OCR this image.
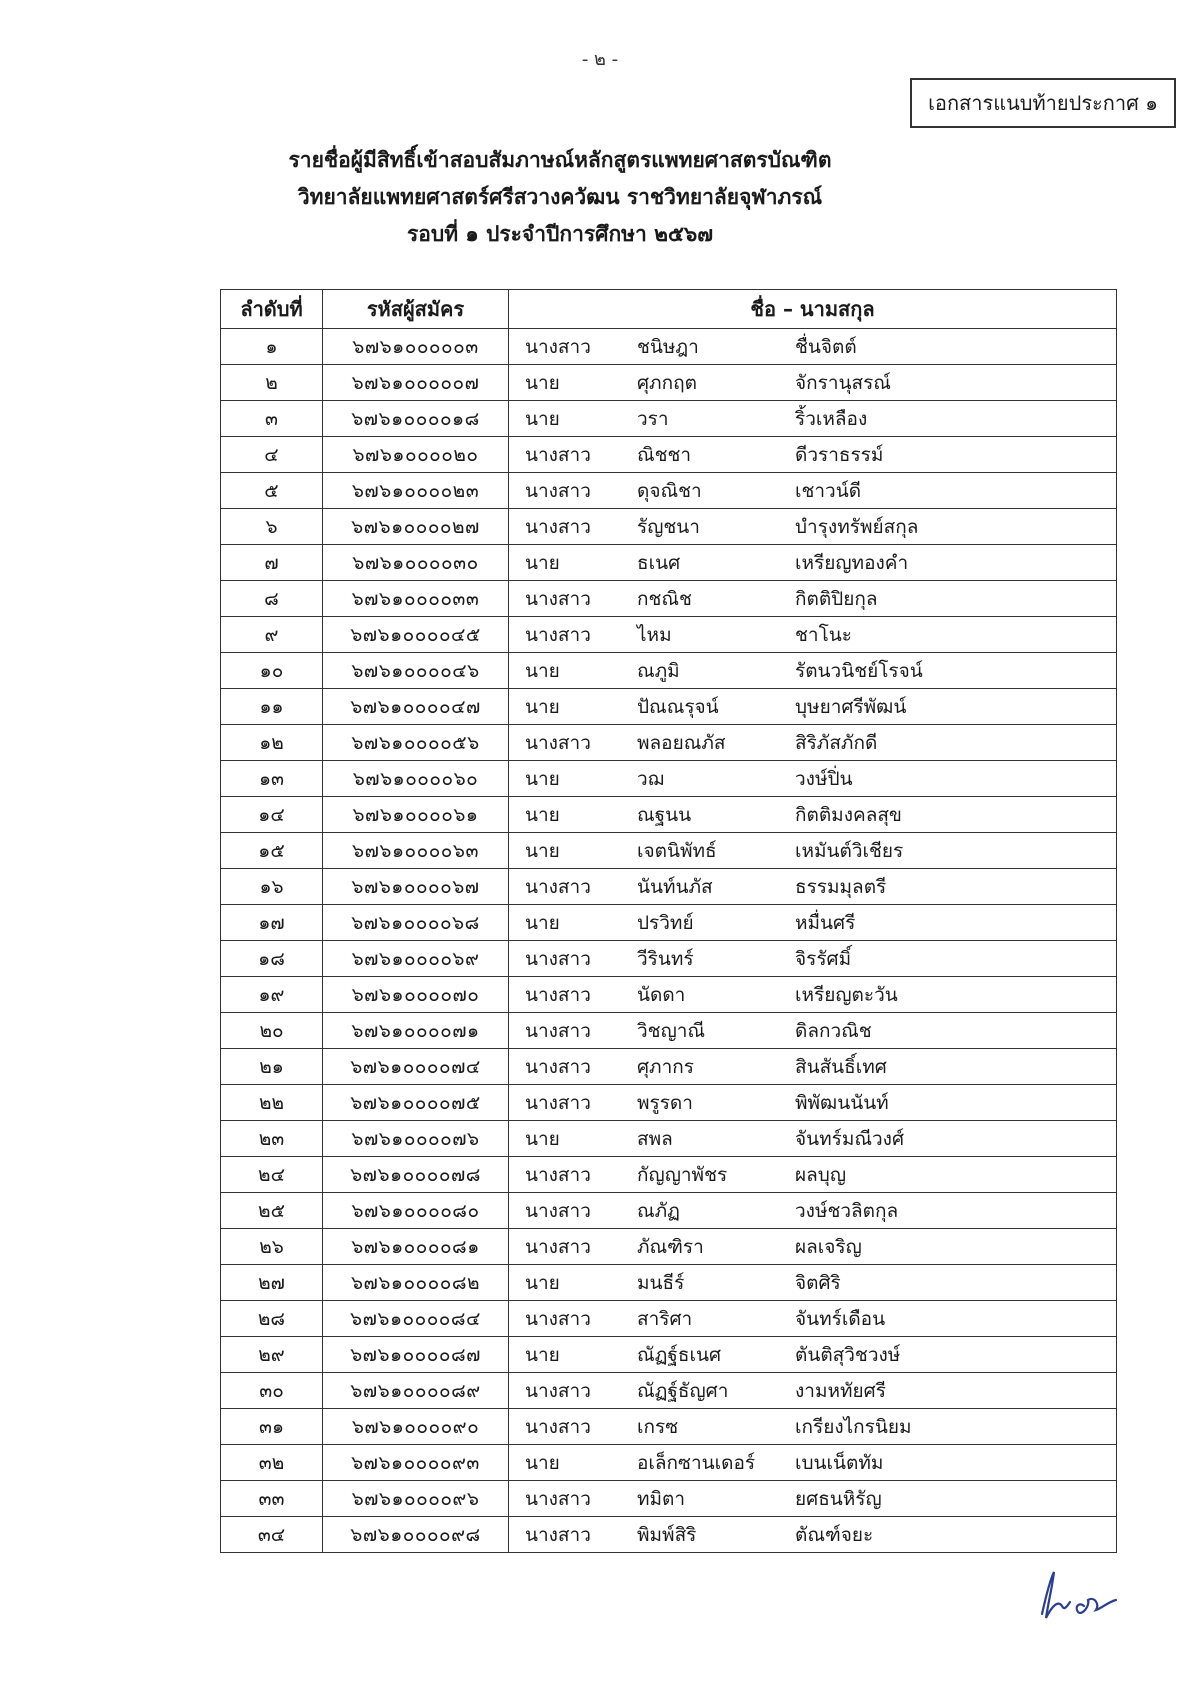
- ๒ -
เอกสารแนบท้ายประกาศ ๑
รายชื่อผู้มีสิทธิ์เข้าสอบสัมภาษณ์หลักสูตรแพทยศาสตรบัณฑิต
วิทยาลัยแพทยศาสตร์ศรีสวางควัฒน ราชวิทยาลัยจุฬาภรณ์
รอบที่ ๑ ประจำปีการศึกษา ๒๕๖๗
ลำดับที่	รหัสผู้สมัคร	ชื่อ – นามสกุล
๑	๖๗๖๑๐๐๐๐๐๓	นางสาว ชนิษฎา ชื่นจิตต์

๒	๖๗๖๑๐๐๐๐๐๗	นาย ศุภกฤต จักรานุสรณ์

๓	๖๗๖๑๐๐๐๐๑๘	นาย วรา ริ้วเหลือง

๔	๖๗๖๑๐๐๐๐๒๐	นางสาว ณิชชา ดีวราธรรม์

๕	๖๗๖๑๐๐๐๐๒๓	นางสาว ดุจณิชา เชาวน์ดี

๖	๖๗๖๑๐๐๐๐๒๗	นางสาว รัญชนา บำรุงทรัพย์สกุล

๗	๖๗๖๑๐๐๐๐๓๐	นาย ธเนศ เหรียญทองคำ

๘	๖๗๖๑๐๐๐๐๓๓	นางสาว กชณิช กิตติปิยกุล

๙	๖๗๖๑๐๐๐๐๔๕	นางสาว ไหม ชาโนะ

๑๐	๖๗๖๑๐๐๐๐๔๖	นาย ณภูมิ รัตนวนิชย์โรจน์

๑๑	๖๗๖๑๐๐๐๐๔๗	นาย ปัณณรุจน์ บุษยาศรีพัฒน์

๑๒	๖๗๖๑๐๐๐๐๕๖	นางสาว พลอยณภัส สิริภัสภักดี

๑๓	๖๗๖๑๐๐๐๐๖๐	นาย วฌ วงษ์ปิ่น

๑๔	๖๗๖๑๐๐๐๐๖๑	นาย ณฐนน กิตติมงคลสุข

๑๕	๖๗๖๑๐๐๐๐๖๓	นาย เจตนิพัทธ์ เหมันต์วิเชียร

๑๖	๖๗๖๑๐๐๐๐๖๗	นางสาว นันท์นภัส ธรรมมุลตรี

๑๗	๖๗๖๑๐๐๐๐๖๘	นาย ปรวิทย์ หมื่นศรี

๑๘	๖๗๖๑๐๐๐๐๖๙	นางสาว วีรินทร์ จิรรัศมิ์

๑๙	๖๗๖๑๐๐๐๐๗๐	นางสาว นัดดา เหรียญตะวัน

๒๐	๖๗๖๑๐๐๐๐๗๑	นางสาว วิชญาณี ดิลกวณิช

๒๑	๖๗๖๑๐๐๐๐๗๔	นางสาว ศุภากร สินสันธิ์เทศ

๒๒	๖๗๖๑๐๐๐๐๗๕	นางสาว พรูรดา พิพัฒนนันท์

๒๓	๖๗๖๑๐๐๐๐๗๖	นาย สพล จันทร์มณีวงศ์

๒๔	๖๗๖๑๐๐๐๐๗๘	นางสาว กัญญาพัชร ผลบุญ

๒๕	๖๗๖๑๐๐๐๐๘๐	นางสาว ณภัฏ วงษ์ชวลิตกุล

๒๖	๖๗๖๑๐๐๐๐๘๑	นางสาว ภัณฑิรา ผลเจริญ

๒๗	๖๗๖๑๐๐๐๐๘๒	นาย มนธีร์ จิตศิริ

๒๘	๖๗๖๑๐๐๐๐๘๔	นางสาว สาริศา จันทร์เดือน

๒๙	๖๗๖๑๐๐๐๐๘๗	นาย ณัฏฐ์ธเนศ ตันติสุวิชวงษ์

๓๐	๖๗๖๑๐๐๐๐๘๙	นางสาว ณัฏฐ์ธัญศา งามหทัยศรี

๓๑	๖๗๖๑๐๐๐๐๙๐	นางสาว เกรซ เกรียงไกรนิยม

๓๒	๖๗๖๑๐๐๐๐๙๓	นาย อเล็กซานเดอร์ เบนเน็ตทัม

๓๓	๖๗๖๑๐๐๐๐๙๖	นางสาว ทมิตา ยศธนหิรัญ

๓๔	๖๗๖๑๐๐๐๐๙๘	นางสาว พิมพ์สิริ ตัณฑ์จยะ
